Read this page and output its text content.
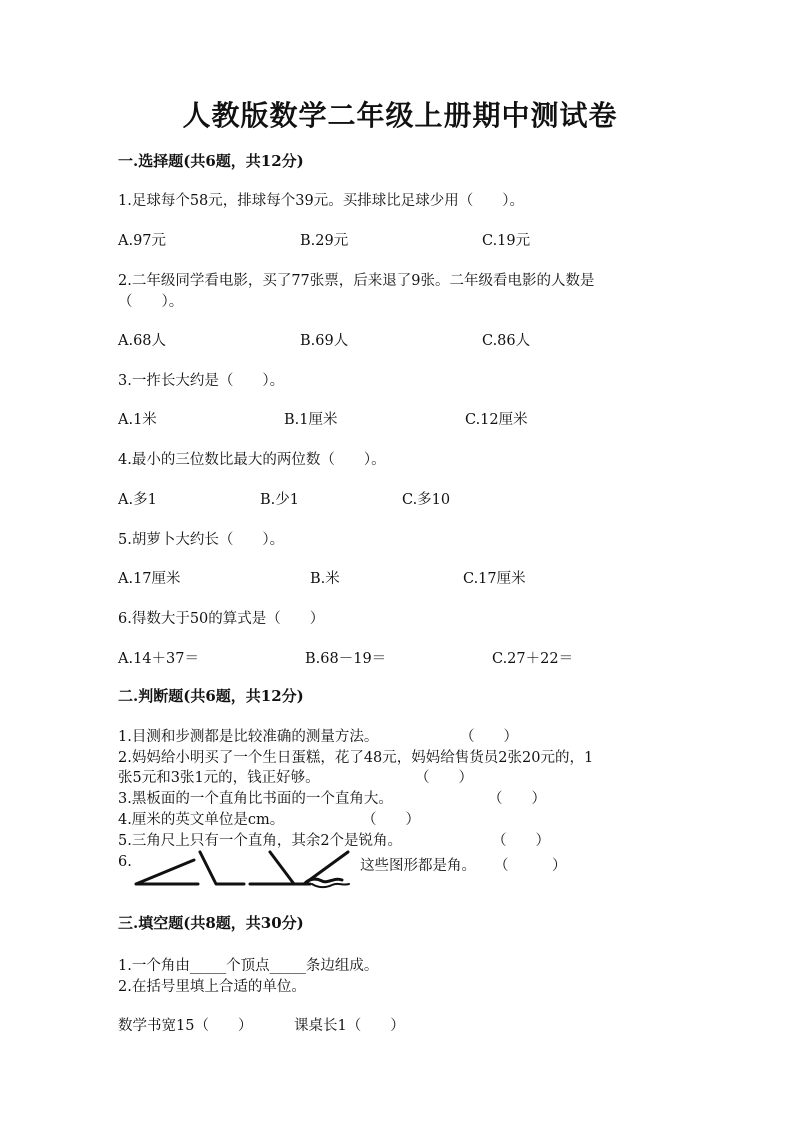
人教版数学二年级上册期中测试卷
一.选择题(共6题，共12分)
1.足球每个58元，排球每个39元。买排球比足球少用（　　）。
A.97元	B.29元	C.19元
2.二年级同学看电影，买了77张票，后来退了9张。二年级看电影的人数是
（　　）。
A.68人	B.69人	C.86人
3.一拃长大约是（　　）。
A.1米	B.1厘米	C.12厘米
4.最小的三位数比最大的两位数（　　）。
A.多1	B.少1	C.多10
5.胡萝卜大约长（　　）。
A.17厘米	B.米	C.17厘米
6.得数大于50的算式是（　　）
A.14＋37＝	B.68－19＝	C.27＋22＝
二.判断题(共6题，共12分)
1.目测和步测都是比较准确的测量方法。	（　　）
2.妈妈给小明买了一个生日蛋糕，花了48元，妈妈给售货员2张20元的，1
张5元和3张1元的，钱正好够。	（　　）
3.黑板面的一个直角比书面的一个直角大。	（　　）
4.厘米的英文单位是cm。	（　　）
5.三角尺上只有一个直角，其余2个是锐角。	（　　）
6.	这些图形都是角。 （　　　）
三.填空题(共8题，共30分)
1.一个角由_____个顶点_____条边组成。
2.在括号里填上合适的单位。
数学书宽15（　　）	课桌长1（　　）
